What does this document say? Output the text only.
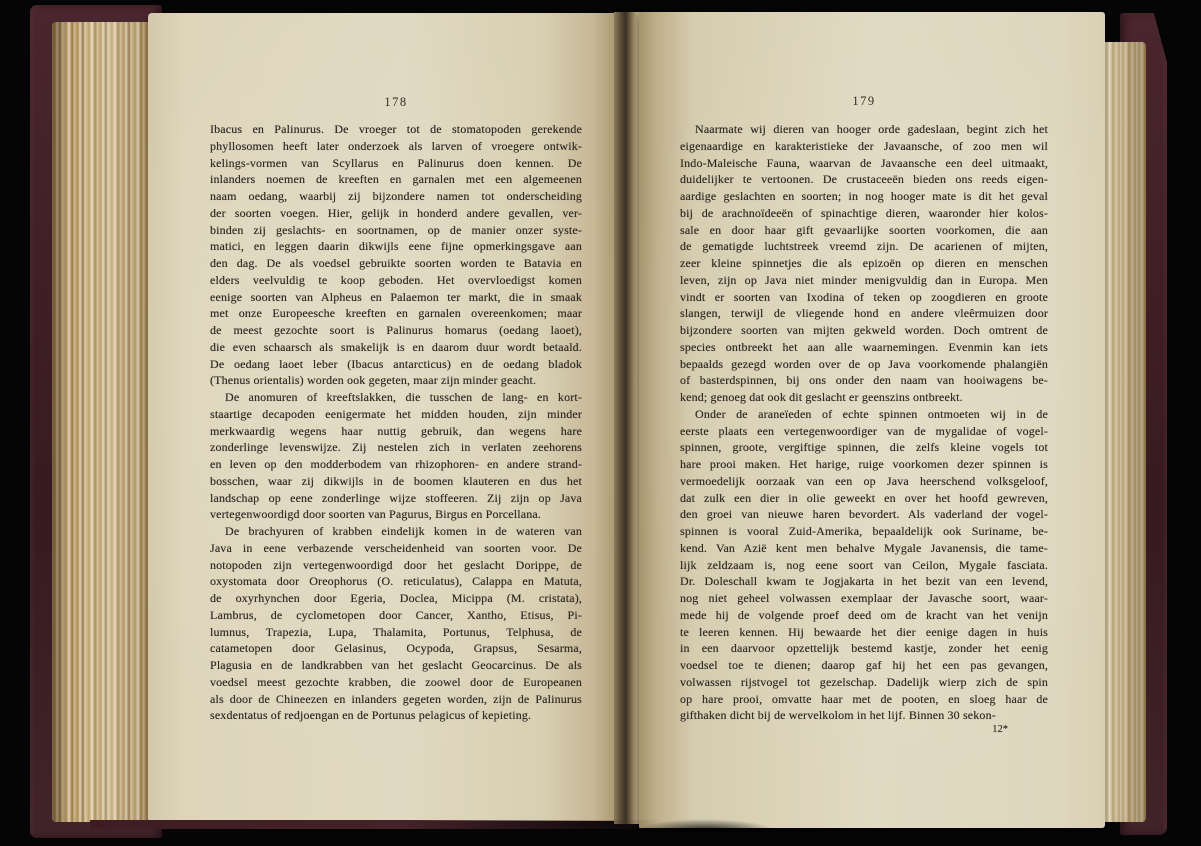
178
Ibacus en Palinurus. De vroeger tot de stomatopoden gerekende
phyllosomen heeft later onderzoek als larven of vroegere ontwik-
kelings-vormen van Scyllarus en Palinurus doen kennen. De
inlanders noemen de kreeften en garnalen met een algemeenen
naam oedang, waarbij zij bijzondere namen tot onderscheiding
der soorten voegen. Hier, gelijk in honderd andere gevallen, ver-
binden zij geslachts- en soortnamen, op de manier onzer syste-
matici, en leggen daarin dikwijls eene fijne opmerkingsgave aan
den dag. De als voedsel gebruikte soorten worden te Batavia en
elders veelvuldig te koop geboden. Het overvloedigst komen
eenige soorten van Alpheus en Palaemon ter markt, die in smaak
met onze Europeesche kreeften en garnalen overeenkomen; maar
de meest gezochte soort is Palinurus homarus (oedang laoet),
die even schaarsch als smakelijk is en daarom duur wordt betaald.
De oedang laoet leber (Ibacus antarcticus) en de oedang bladok
(Thenus orientalis) worden ook gegeten, maar zijn minder geacht.
De anomuren of kreeftslakken, die tusschen de lang- en kort-
staartige decapoden eenigermate het midden houden, zijn minder
merkwaardig wegens haar nuttig gebruik, dan wegens hare
zonderlinge levenswijze. Zij nestelen zich in verlaten zeehorens
en leven op den modderbodem van rhizophoren- en andere strand-
bosschen, waar zij dikwijls in de boomen klauteren en dus het
landschap op eene zonderlinge wijze stoffeeren. Zij zijn op Java
vertegenwoordigd door soorten van Pagurus, Birgus en Porcellana.
De brachyuren of krabben eindelijk komen in de wateren van
Java in eene verbazende verscheidenheid van soorten voor. De
notopoden zijn vertegenwoordigd door het geslacht Dorippe, de
oxystomata door Oreophorus (O. reticulatus), Calappa en Matuta,
de oxyrhynchen door Egeria, Doclea, Micippa (M. cristata),
Lambrus, de cyclometopen door Cancer, Xantho, Etisus, Pi-
lumnus, Trapezia, Lupa, Thalamita, Portunus, Telphusa, de
catametopen door Gelasinus, Ocypoda, Grapsus, Sesarma,
Plagusia en de landkrabben van het geslacht Geocarcinus. De als
voedsel meest gezochte krabben, die zoowel door de Europeanen
als door de Chineezen en inlanders gegeten worden, zijn de Palinurus
sexdentatus of redjoengan en de Portunus pelagicus of kepieting.
179
Naarmate wij dieren van hooger orde gadeslaan, begint zich het
eigenaardige en karakteristieke der Javaansche, of zoo men wil
Indo-Maleische Fauna, waarvan de Javaansche een deel uitmaakt,
duidelijker te vertoonen. De crustaceeën bieden ons reeds eigen-
aardige geslachten en soorten; in nog hooger mate is dit het geval
bij de arachnoïdeeën of spinachtige dieren, waaronder hier kolos-
sale en door haar gift gevaarlijke soorten voorkomen, die aan
de gematigde luchtstreek vreemd zijn. De acarienen of mijten,
zeer kleine spinnetjes die als epizoën op dieren en menschen
leven, zijn op Java niet minder menigvuldig dan in Europa. Men
vindt er soorten van Ixodina of teken op zoogdieren en groote
slangen, terwijl de vliegende hond en andere vleêrmuizen door
bijzondere soorten van mijten gekweld worden. Doch omtrent de
species ontbreekt het aan alle waarnemingen. Evenmin kan iets
bepaalds gezegd worden over de op Java voorkomende phalangiën
of basterdspinnen, bij ons onder den naam van hooiwagens be-
kend; genoeg dat ook dit geslacht er geenszins ontbreekt.
Onder de araneïeden of echte spinnen ontmoeten wij in de
eerste plaats een vertegenwoordiger van de mygalidae of vogel-
spinnen, groote, vergiftige spinnen, die zelfs kleine vogels tot
hare prooi maken. Het harige, ruige voorkomen dezer spinnen is
vermoedelijk oorzaak van een op Java heerschend volksgeloof,
dat zulk een dier in olie geweekt en over het hoofd gewreven,
den groei van nieuwe haren bevordert. Als vaderland der vogel-
spinnen is vooral Zuid-Amerika, bepaaldelijk ook Suriname, be-
kend. Van Azië kent men behalve Mygale Javanensis, die tame-
lijk zeldzaam is, nog eene soort van Ceilon, Mygale fasciata.
Dr. Doleschall kwam te Jogjakarta in het bezit van een levend,
nog niet geheel volwassen exemplaar der Javasche soort, waar-
mede hij de volgende proef deed om de kracht van het venijn
te leeren kennen. Hij bewaarde het dier eenige dagen in huis
in een daarvoor opzettelijk bestemd kastje, zonder het eenig
voedsel toe te dienen; daarop gaf hij het een pas gevangen,
volwassen rijstvogel tot gezelschap. Dadelijk wierp zich de spin
op hare prooi, omvatte haar met de pooten, en sloeg haar de
gifthaken dicht bij de wervelkolom in het lijf. Binnen 30 sekon-
12*
